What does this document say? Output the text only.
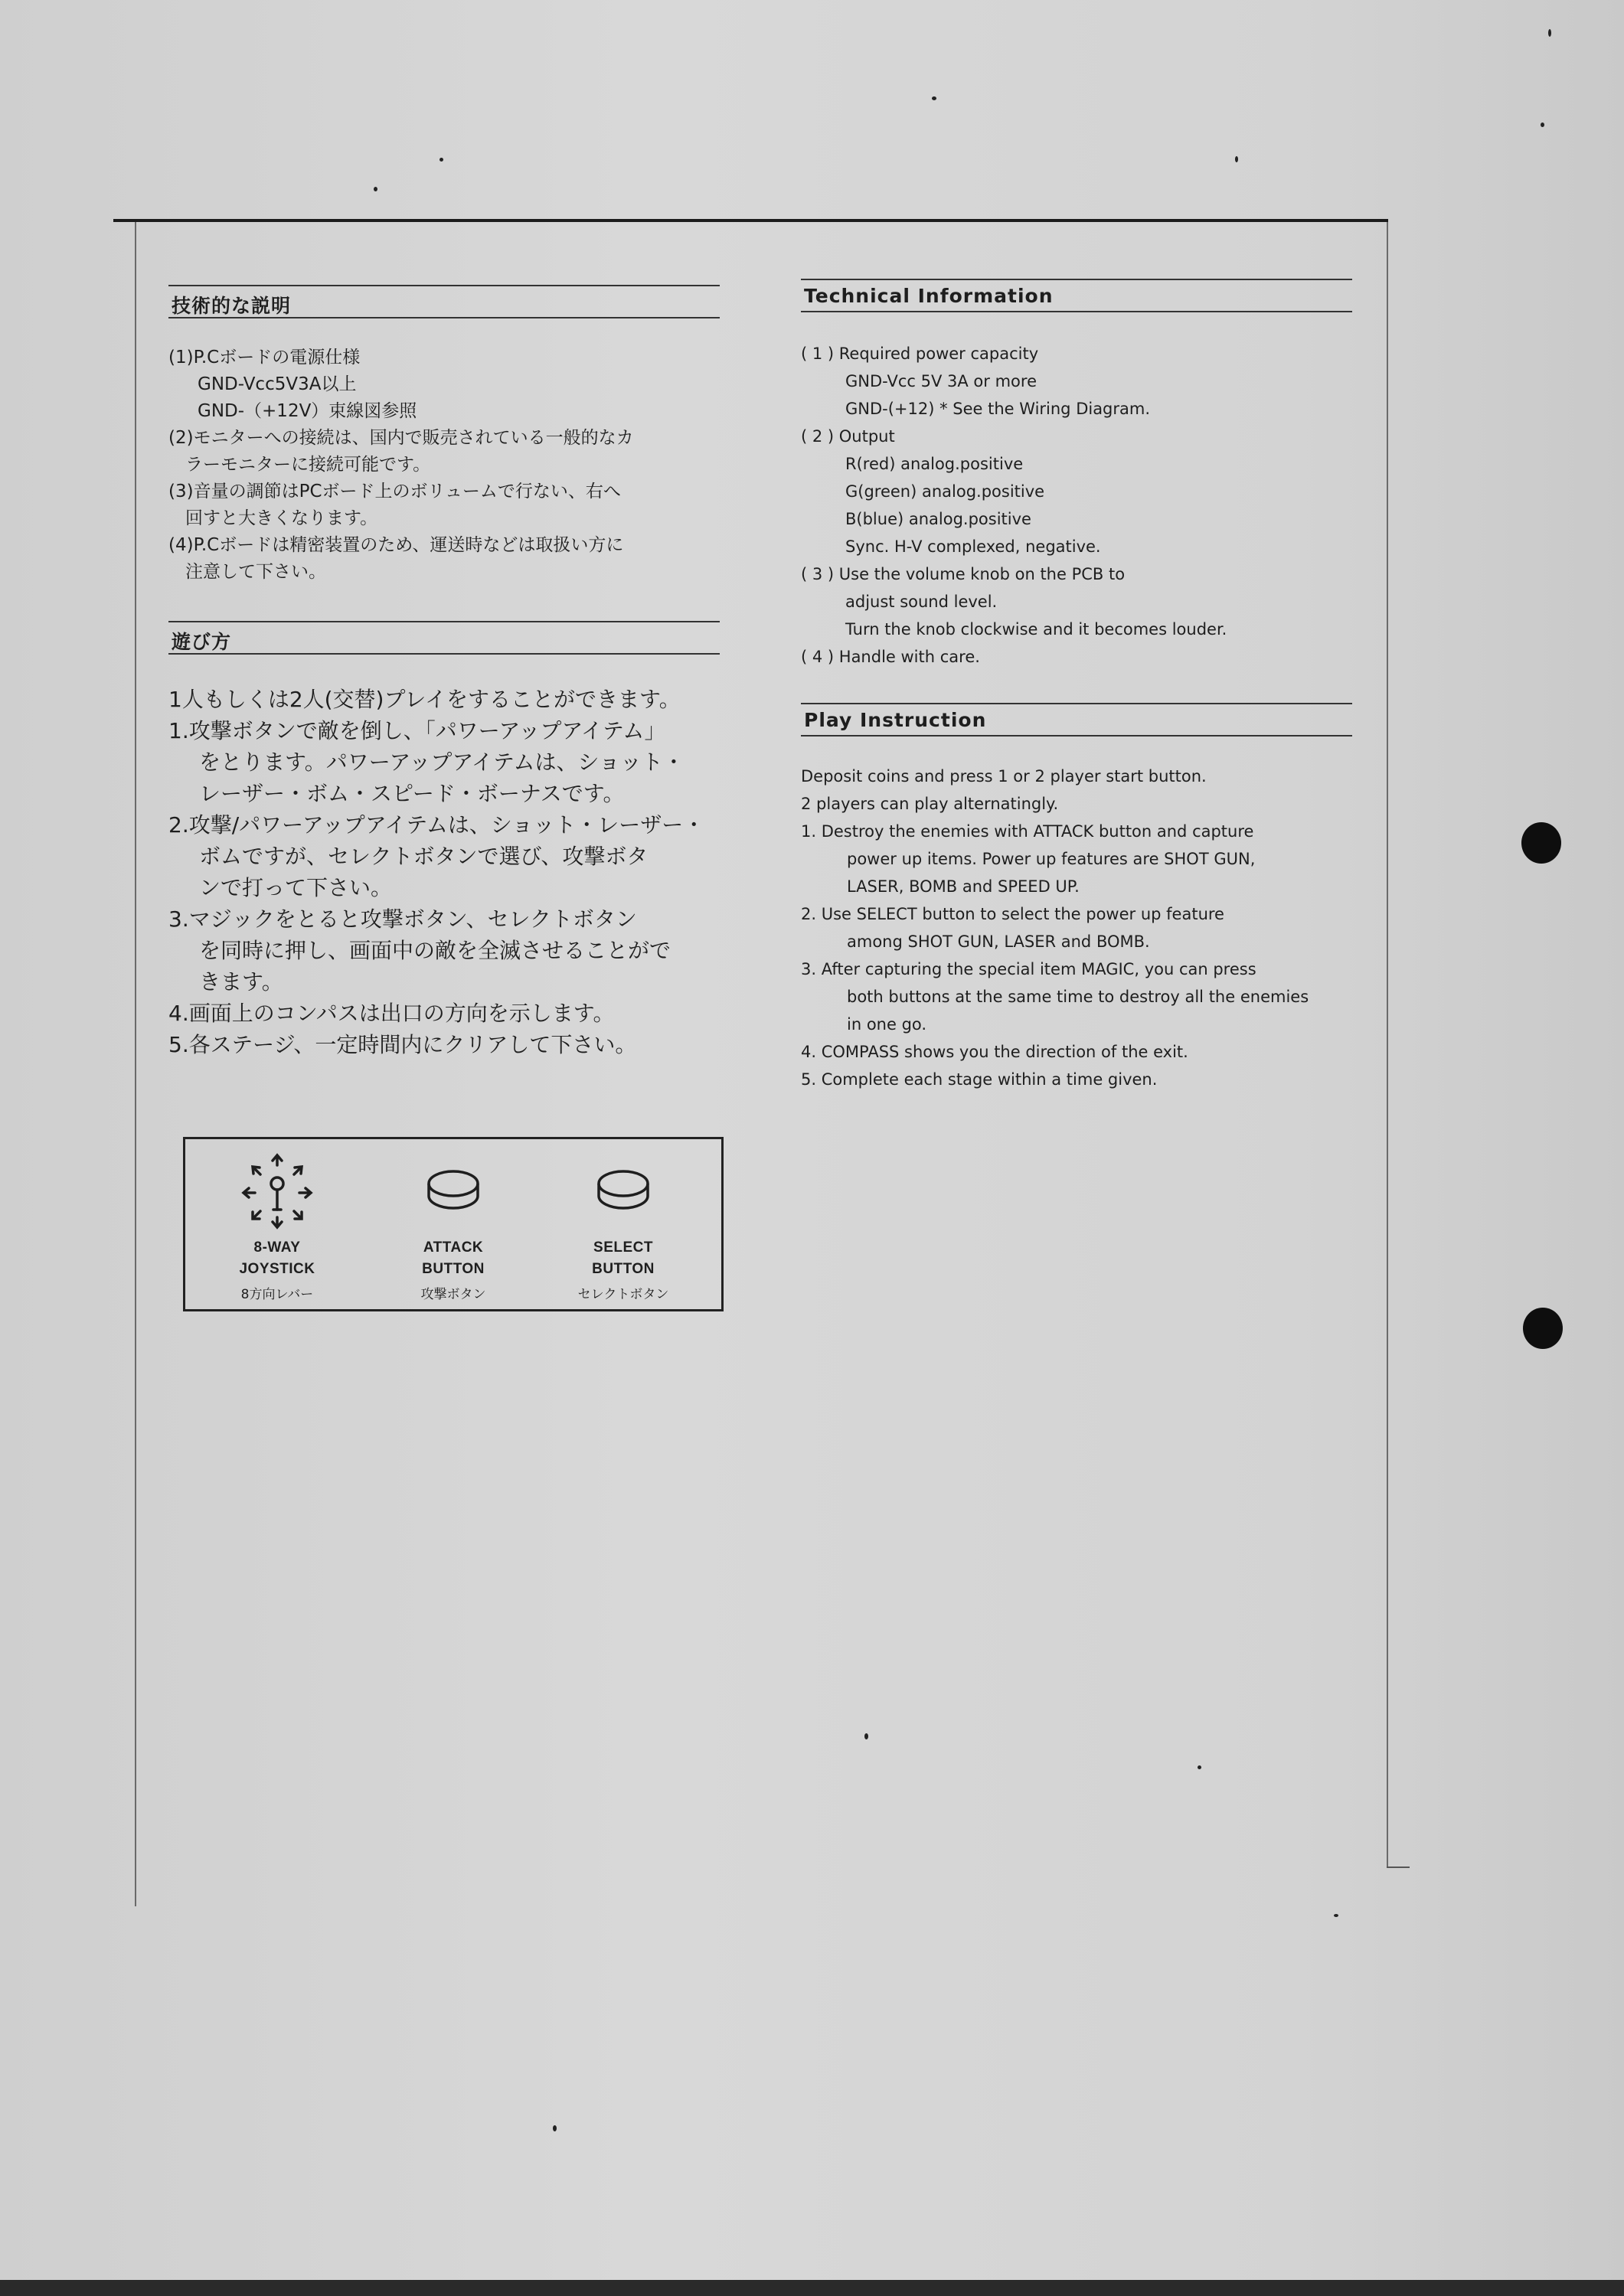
技術的な説明
(1)P.Cボードの電源仕様
GND-Vcc5V3A以上
GND-（+12V）束線図参照
(2)モニターへの接続は、国内で販売されている一般的なカ
ラーモニターに接続可能です。
(3)音量の調節はPCボード上のボリュームで行ない、右へ
回すと大きくなります。
(4)P.Cボードは精密装置のため、運送時などは取扱い方に
注意して下さい。
遊び方
1人もしくは2人(交替)プレイをすることができます。
1.攻撃ボタンで敵を倒し、「パワーアップアイテム」
をとります。パワーアップアイテムは、ショット・
レーザー・ボム・スピード・ボーナスです。
2.攻撃/パワーアップアイテムは、ショット・レーザー・
ボムですが、セレクトボタンで選び、攻撃ボタ
ンで打って下さい。
3.マジックをとると攻撃ボタン、セレクトボタン
を同時に押し、画面中の敵を全滅させることがで
きます。
4.画面上のコンパスは出口の方向を示します。
5.各ステージ、一定時間内にクリアして下さい。
Technical Information
( 1 ) Required power capacity
GND-Vcc 5V 3A or more
GND-(+12) * See the Wiring Diagram.
( 2 ) Output
R(red) analog.positive
G(green) analog.positive
B(blue) analog.positive
Sync. H-V complexed, negative.
( 3 ) Use the volume knob on the PCB to
adjust sound level.
Turn the knob clockwise and it becomes louder.
( 4 ) Handle with care.
Play Instruction
Deposit coins and press 1 or 2 player start button.
2 players can play alternatingly.
1. Destroy the enemies with ATTACK button and capture
power up items. Power up features are SHOT GUN,
LASER, BOMB and SPEED UP.
2. Use SELECT button to select the power up feature
among SHOT GUN, LASER and BOMB.
3. After capturing the special item MAGIC, you can press
both buttons at the same time to destroy all the enemies
in one go.
4. COMPASS shows you the direction of the exit.
5. Complete each stage within a time given.
8-WAY
JOYSTICK
8方向レバー
ATTACK
BUTTON
攻撃ボタン
SELECT
BUTTON
セレクトボタン
